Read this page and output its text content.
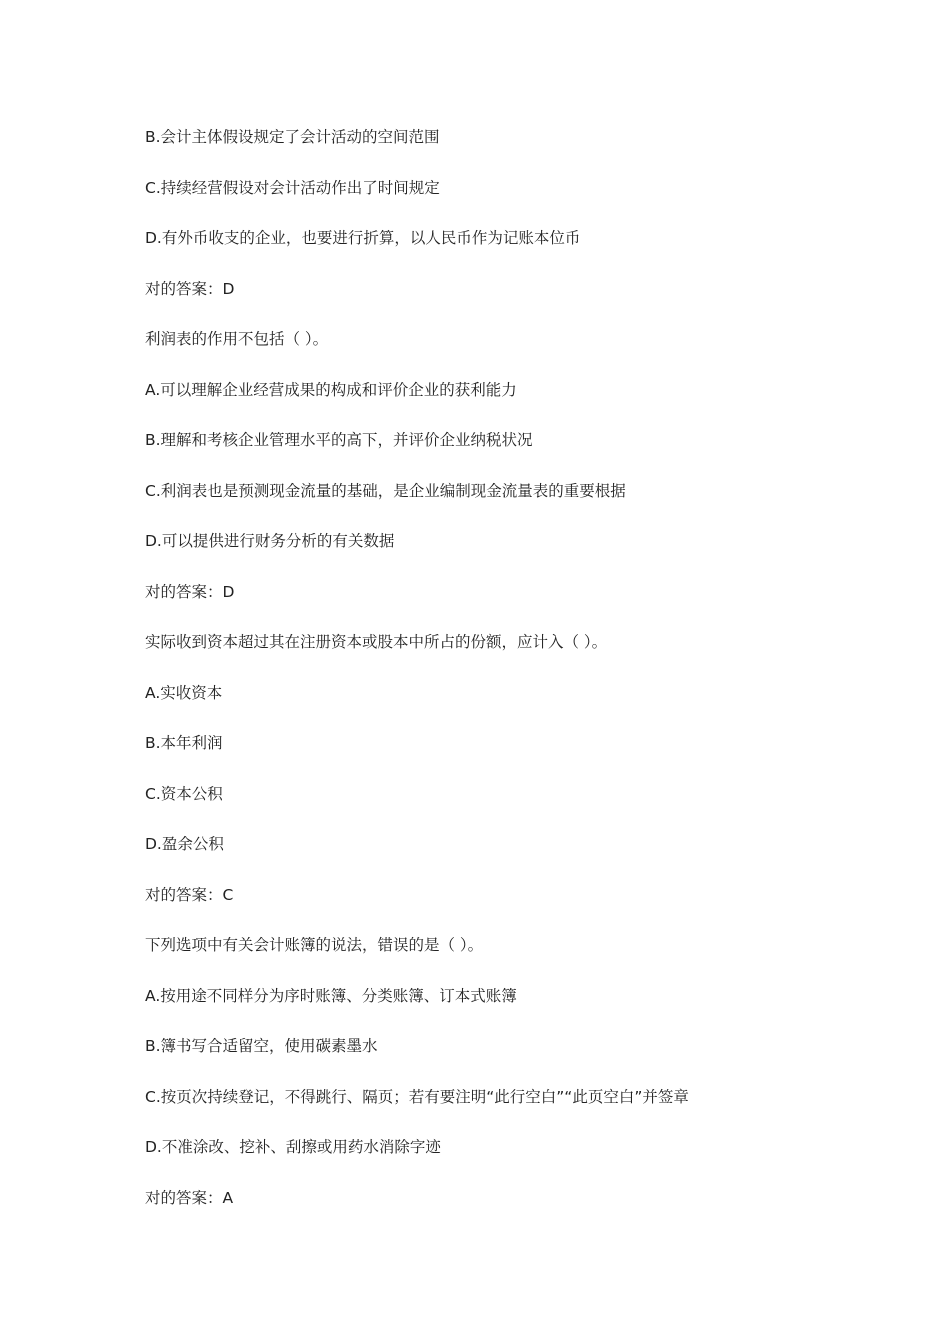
B.会计主体假设规定了会计活动的空间范围
C.持续经营假设对会计活动作出了时间规定
D.有外币收支的企业，也要进行折算，以人民币作为记账本位币
对的答案：D
利润表的作用不包括（ ）。
A.可以理解企业经营成果的构成和评价企业的获利能力
B.理解和考核企业管理水平的高下，并评价企业纳税状况
C.利润表也是预测现金流量的基础，是企业编制现金流量表的重要根据
D.可以提供进行财务分析的有关数据
对的答案：D
实际收到资本超过其在注册资本或股本中所占的份额，应计入（ ）。
A.实收资本
B.本年利润
C.资本公积
D.盈余公积
对的答案：C
下列选项中有关会计账簿的说法，错误的是（ ）。
A.按用途不同样分为序时账簿、分类账簿、订本式账簿
B.簿书写合适留空，使用碳素墨水
C.按页次持续登记，不得跳行、隔页；若有要注明“此行空白”“此页空白”并签章
D.不准涂改、挖补、刮擦或用药水消除字迹
对的答案：A
